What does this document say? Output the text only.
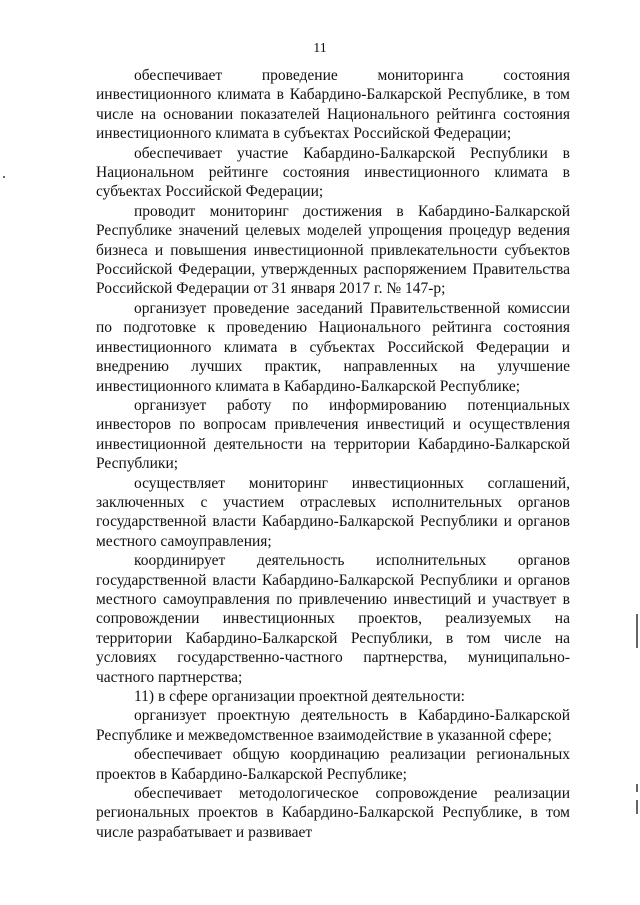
11

обеспечивает проведение мониторинга состояния инвестиционного климата в Кабардино-Балкарской Республике, в том числе на основании показателей Национального рейтинга состояния инвестиционного климата в субъектах Российской Федерации;

обеспечивает участие Кабардино-Балкарской Республики в Национальном рейтинге состояния инвестиционного климата в субъектах Российской Федерации;

проводит мониторинг достижения в Кабардино-Балкарской Республике значений целевых моделей упрощения процедур ведения бизнеса и повышения инвестиционной привлекательности субъектов Российской Федерации, утвержденных распоряжением Правительства Российской Федерации от 31 января 2017 г. № 147-р;

организует проведение заседаний Правительственной комиссии по подготовке к проведению Национального рейтинга состояния инвестиционного климата в субъектах Российской Федерации и внедрению лучших практик, направленных на улучшение инвестиционного климата в Кабардино-Балкарской Республике;

организует работу по информированию потенциальных инвесторов по вопросам привлечения инвестиций и осуществления инвестиционной деятельности на территории Кабардино-Балкарской Республики;

осуществляет мониторинг инвестиционных соглашений, заключенных с участием отраслевых исполнительных органов государственной власти Кабардино-Балкарской Республики и органов местного самоуправления;

координирует деятельность исполнительных органов государственной власти Кабардино-Балкарской Республики и органов местного самоуправления по привлечению инвестиций и участвует в сопровождении инвестиционных проектов, реализуемых на территории Кабардино-Балкарской Республики, в том числе на условиях государственно-частного партнерства, муниципально-частного партнерства;

11) в сфере организации проектной деятельности:

организует проектную деятельность в Кабардино-Балкарской Республике и межведомственное взаимодействие в указанной сфере;

обеспечивает общую координацию реализации региональных проектов в Кабардино-Балкарской Республике;

обеспечивает методологическое сопровождение реализации региональных проектов в Кабардино-Балкарской Республике, в том числе разрабатывает и развивает
